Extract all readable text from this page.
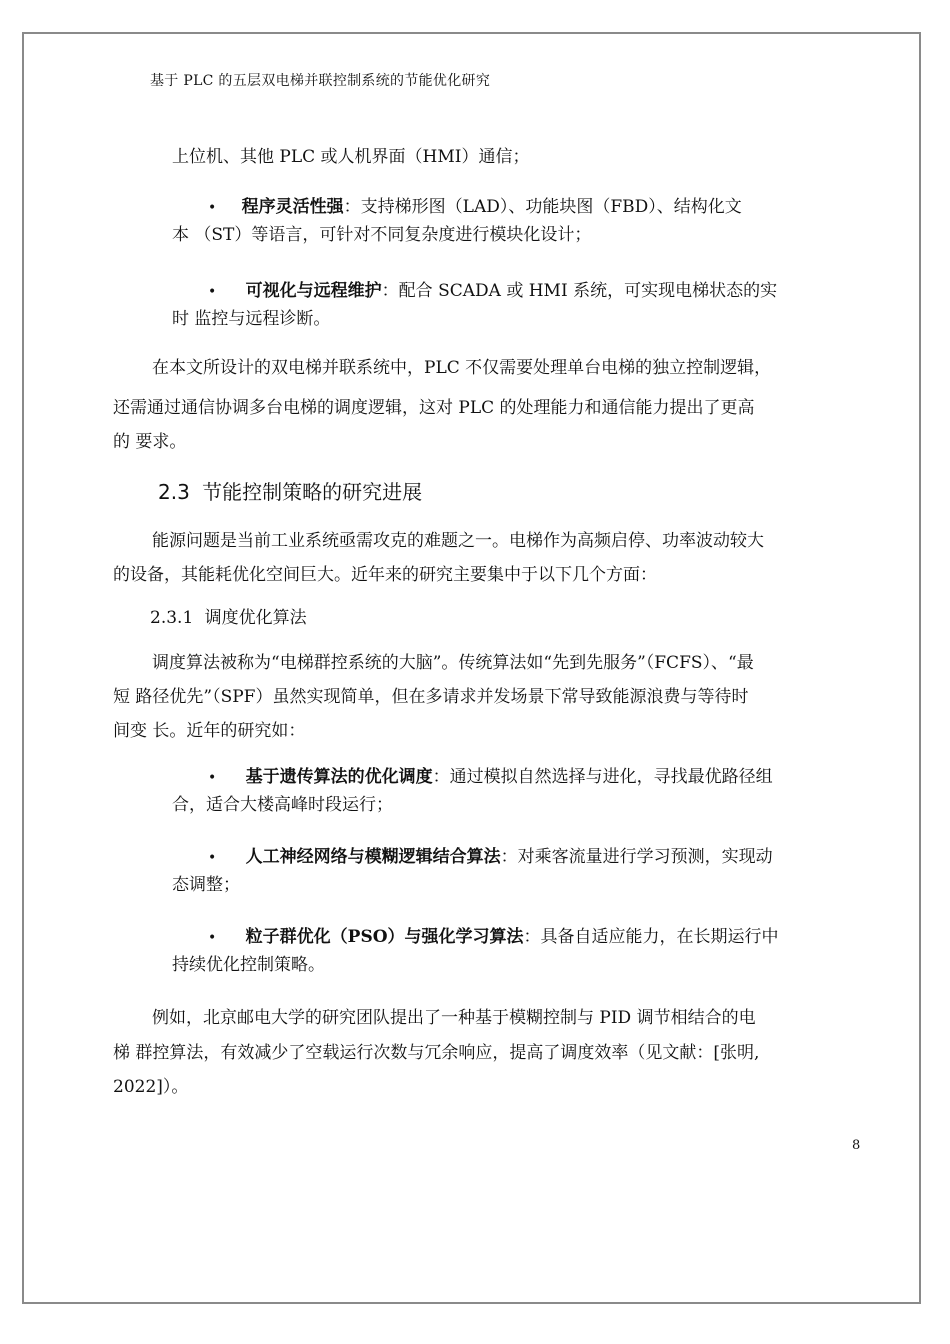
基于 PLC 的五层双电梯并联控制系统的节能优化研究
上位机、其他 PLC 或人机界面（HMI）通信；
• 程序灵活性强：支持梯形图（LAD）、功能块图（FBD）、结构化文
本 （ST）等语言，可针对不同复杂度进行模块化设计；
• 可视化与远程维护：配合 SCADA 或 HMI 系统，可实现电梯状态的实
时 监控与远程诊断。
在本文所设计的双电梯并联系统中，PLC 不仅需要处理单台电梯的独立控制逻辑，
还需通过通信协调多台电梯的调度逻辑，这对 PLC 的处理能力和通信能力提出了更高
的 要求。
2.3 节能控制策略的研究进展
能源问题是当前工业系统亟需攻克的难题之一。电梯作为高频启停、功率波动较大
的设备，其能耗优化空间巨大。近年来的研究主要集中于以下几个方面：
2.3.1 调度优化算法
调度算法被称为“电梯群控系统的大脑”。传统算法如“先到先服务”（FCFS）、“最
短 路径优先”（SPF）虽然实现简单，但在多请求并发场景下常导致能源浪费与等待时
间变 长。近年的研究如：
• 基于遗传算法的优化调度：通过模拟自然选择与进化，寻找最优路径组
合，适合大楼高峰时段运行；
• 人工神经网络与模糊逻辑结合算法：对乘客流量进行学习预测，实现动
态调整；
• 粒子群优化（PSO）与强化学习算法：具备自适应能力，在长期运行中
持续优化控制策略。
例如，北京邮电大学的研究团队提出了一种基于模糊控制与 PID 调节相结合的电
梯 群控算法，有效减少了空载运行次数与冗余响应，提高了调度效率（见文献：[张明,
2022]）。
8
